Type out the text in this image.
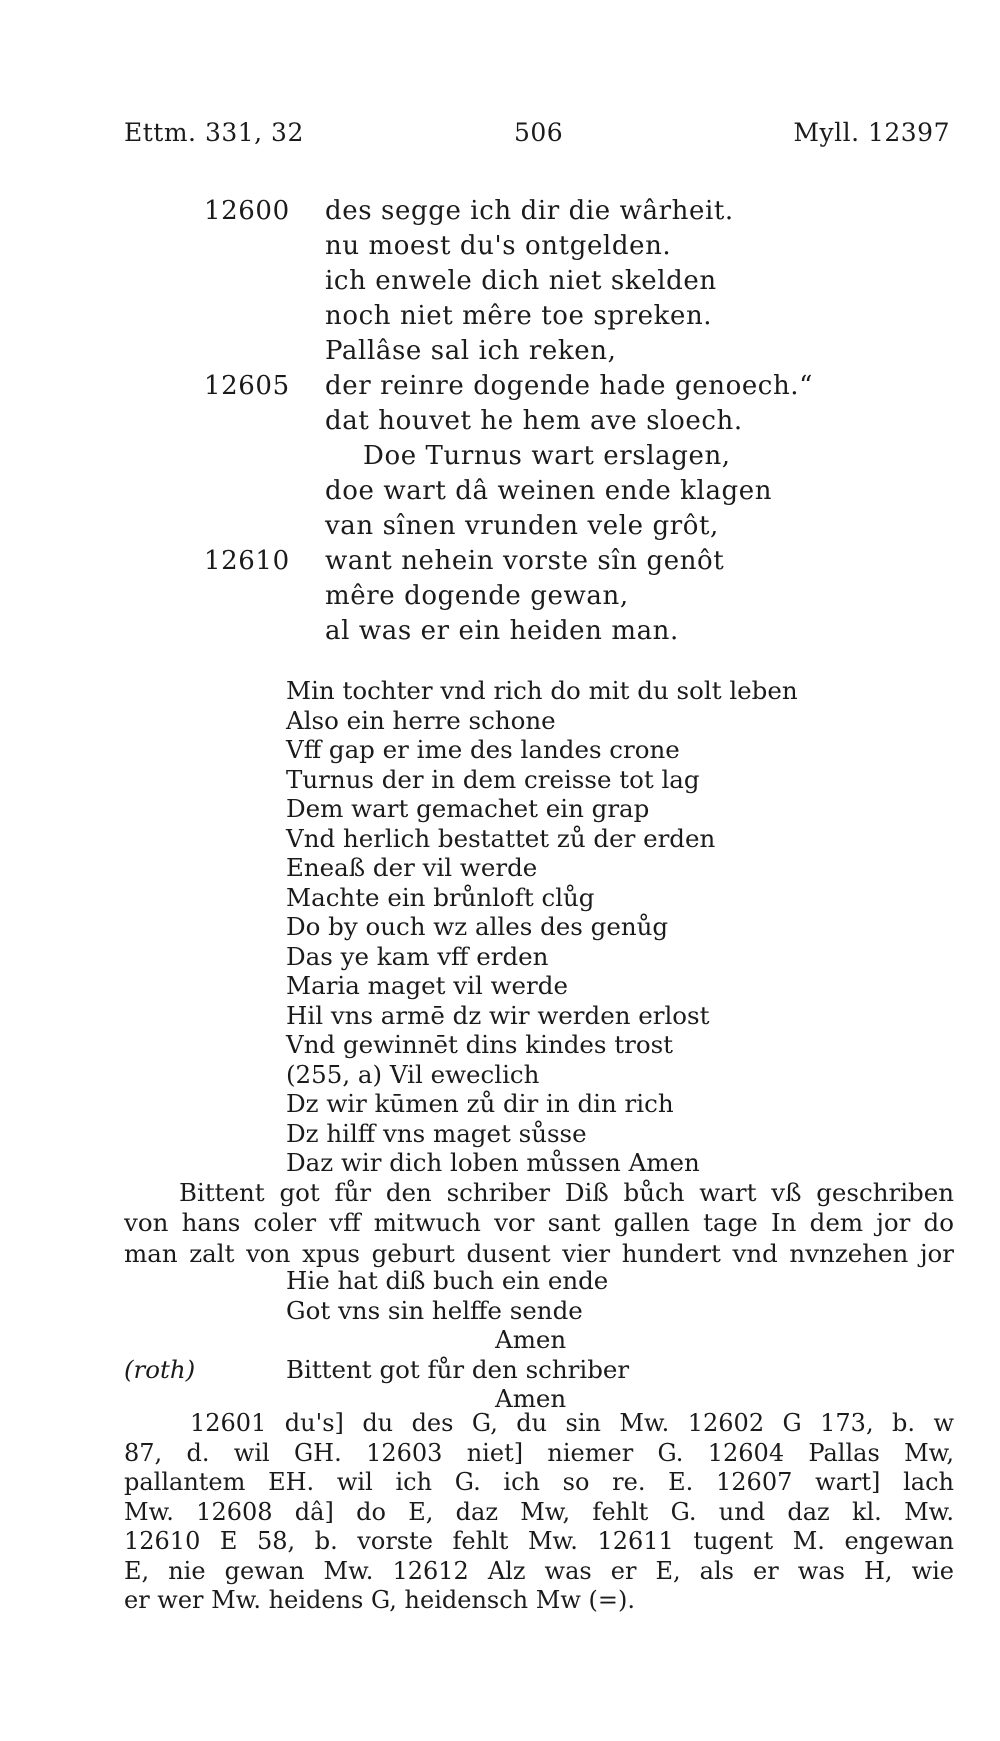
Ettm. 331, 32	506	Myll. 12397
12600 des segge ich dir die wârheit.
nu moest du's ontgelden.
ich enwele dich niet skelden
noch niet mêre toe spreken.
Pallâse sal ich reken,
12605 der reinre dogende hade genoech.“
dat houvet he hem ave sloech.
Doe Turnus wart erslagen,
doe wart dâ weinen ende klagen
van sînen vrunden vele grôt,
12610 want nehein vorste sîn genôt
mêre dogende gewan,
al was er ein heiden man.
Min tochter vnd rich do mit du solt leben
Also ein herre schone
Vff gap er ime des landes crone
Turnus der in dem creisse tot lag
Dem wart gemachet ein grap
Vnd herlich bestattet zů der erden
Eneaß der vil werde
Machte ein brůnloft clůg
Do by ouch wz alles des genůg
Das ye kam vff erden
Maria maget vil werde
Hil vns armē dz wir werden erlost
Vnd gewinnēt dins kindes trost
(255, a) Vil eweclich
Dz wir kūmen zů dir in din rich
Dz hilff vns maget sůsse
Daz wir dich loben můssen Amen
Bittent got fůr den schriber Diß bůch wart vß geschriben
von hans coler vff mitwuch vor sant gallen tage In dem jor do
man zalt von xpus geburt dusent vier hundert vnd nvnzehen jor
Hie hat diß buch ein ende
Got vns sin helffe sende
Amen
(roth)	Bittent got fůr den schriber
Amen
12601 du's] du des G, du sin Mw. 12602 G 173, b. w
87, d. wil GH. 12603 niet] niemer G. 12604 Pallas Mw,
pallantem EH. wil ich G. ich so re. E. 12607 wart] lach
Mw. 12608 dâ] do E, daz Mw, fehlt G. und daz kl. Mw.
12610 E 58, b. vorste fehlt Mw. 12611 tugent M. engewan
E, nie gewan Mw. 12612 Alz was er E, als er was H, wie
er wer Mw. heidens G, heidensch Mw (=).
